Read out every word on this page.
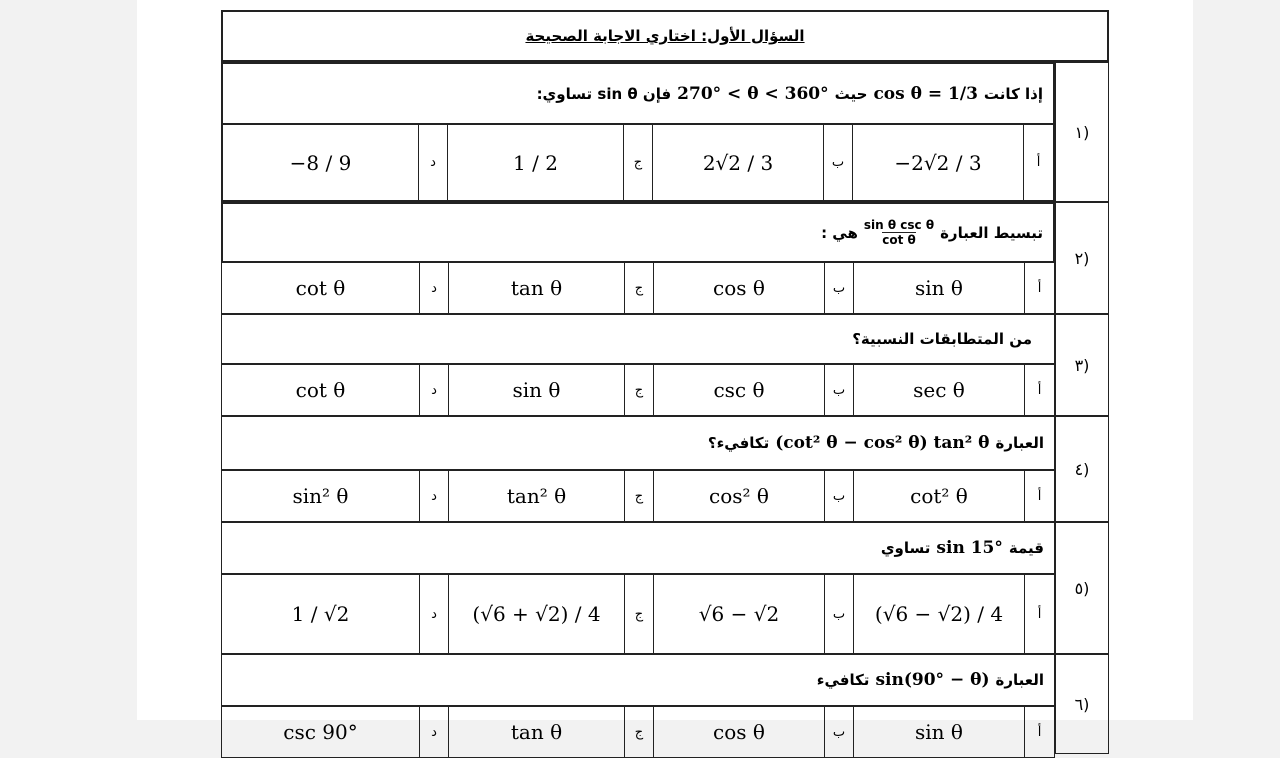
السؤال الأول: اختاري الاجابة الصحيحة
١)
إذا كانت
cos θ = 1/3
حيث
270° < θ < 360°
فإن sin θ تساوي:
أ
−2√2 / 3
ب
2√2 / 3
ج
1 / 2
د
−8 / 9
٢)
تبسيط العبارة
sin θ csc θ
cot θ
هي :
أ
sin θ
ب
cos θ
ج
tan θ
د
cot θ
٣)
من المتطابقات النسبية؟
أ
sec θ
ب
csc θ
ج
sin θ
د
cot θ
٤)
العبارة
(cot² θ − cos² θ) tan² θ
تكافيء؟
أ
cot² θ
ب
cos² θ
ج
tan² θ
د
sin² θ
٥)
قيمة
sin 15°
تساوي
أ
(√6 − √2) / 4
ب
√6 − √2
ج
(√6 + √2) / 4
د
1 / √2
٦)
العبارة
sin(90° − θ)
تكافيء
أ
sin θ
ب
cos θ
ج
tan θ
د
csc 90°
